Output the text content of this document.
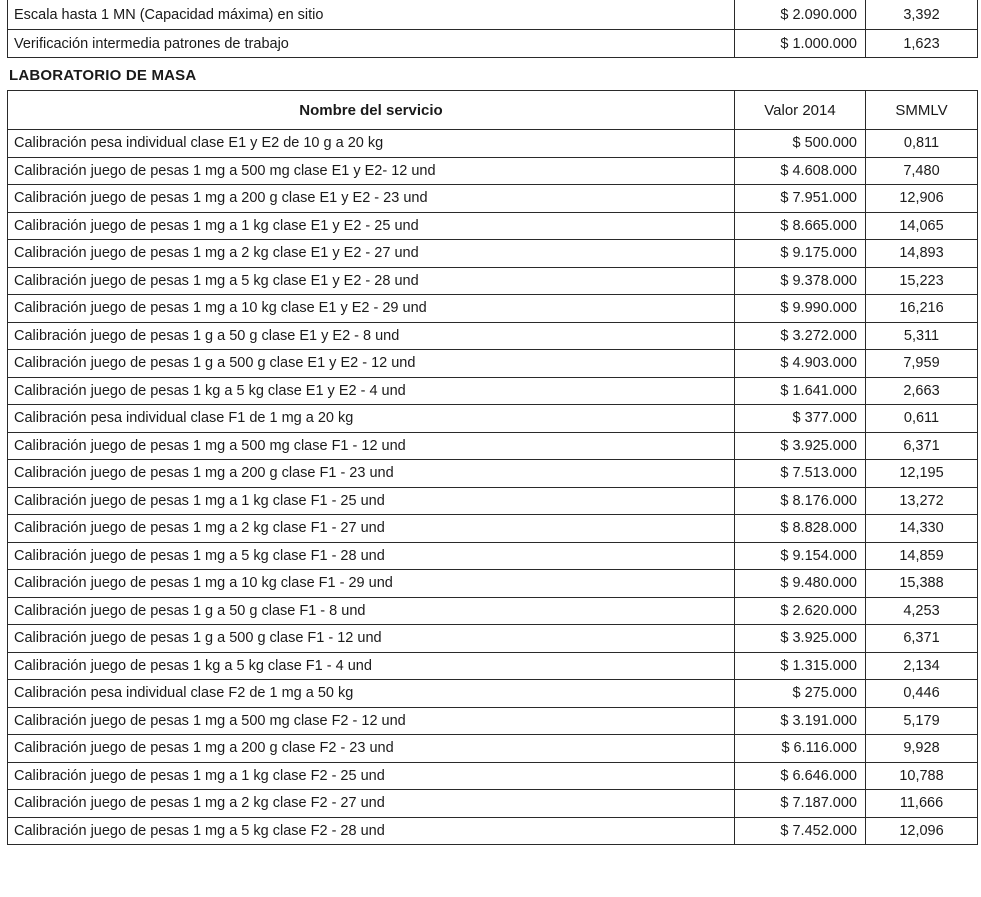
Escala hasta 1 MN (Capacidad máxima) en sitio	$ 2.090.000	3,392
Verificación intermedia patrones de trabajo	$ 1.000.000	1,623
LABORATORIO DE MASA
Nombre del servicio	Valor 2014	SMMLV
Calibración pesa individual clase E1 y E2 de 10 g a 20 kg	$ 500.000	0,811
Calibración juego de pesas 1 mg a 500 mg clase E1 y E2- 12 und	$ 4.608.000	7,480
Calibración juego de pesas 1 mg a 200 g clase E1 y E2 - 23 und	$ 7.951.000	12,906
Calibración juego de pesas 1 mg a 1 kg clase E1 y E2 - 25 und	$ 8.665.000	14,065
Calibración juego de pesas 1 mg a 2 kg clase E1 y E2 - 27 und	$ 9.175.000	14,893
Calibración juego de pesas 1 mg a 5 kg clase E1 y E2 - 28 und	$ 9.378.000	15,223
Calibración juego de pesas 1 mg a 10 kg clase E1 y E2 - 29 und	$ 9.990.000	16,216
Calibración juego de pesas 1 g a 50 g clase E1 y E2 - 8 und	$ 3.272.000	5,311
Calibración juego de pesas 1 g a 500 g clase E1 y E2 - 12 und	$ 4.903.000	7,959
Calibración juego de pesas 1 kg a 5 kg clase E1 y E2 - 4 und	$ 1.641.000	2,663
Calibración pesa individual clase F1 de 1 mg a 20 kg	$ 377.000	0,611
Calibración juego de pesas 1 mg a 500 mg clase F1 - 12 und	$ 3.925.000	6,371
Calibración juego de pesas 1 mg a 200 g clase F1 - 23 und	$ 7.513.000	12,195
Calibración juego de pesas 1 mg a 1 kg clase F1 - 25 und	$ 8.176.000	13,272
Calibración juego de pesas 1 mg a 2 kg clase F1 - 27 und	$ 8.828.000	14,330
Calibración juego de pesas 1 mg a 5 kg clase F1 - 28 und	$ 9.154.000	14,859
Calibración juego de pesas 1 mg a 10 kg clase F1 - 29 und	$ 9.480.000	15,388
Calibración juego de pesas 1 g a 50 g clase F1 - 8 und	$ 2.620.000	4,253
Calibración juego de pesas 1 g a 500 g clase F1 - 12 und	$ 3.925.000	6,371
Calibración juego de pesas 1 kg a 5 kg clase F1 - 4 und	$ 1.315.000	2,134
Calibración pesa individual clase F2 de 1 mg a 50 kg	$ 275.000	0,446
Calibración juego de pesas 1 mg a 500 mg clase F2 - 12 und	$ 3.191.000	5,179
Calibración juego de pesas 1 mg a 200 g clase F2 - 23 und	$ 6.116.000	9,928
Calibración juego de pesas 1 mg a 1 kg clase F2 - 25 und	$ 6.646.000	10,788
Calibración juego de pesas 1 mg a 2 kg clase F2 - 27 und	$ 7.187.000	11,666
Calibración juego de pesas 1 mg a 5 kg clase F2 - 28 und	$ 7.452.000	12,096
